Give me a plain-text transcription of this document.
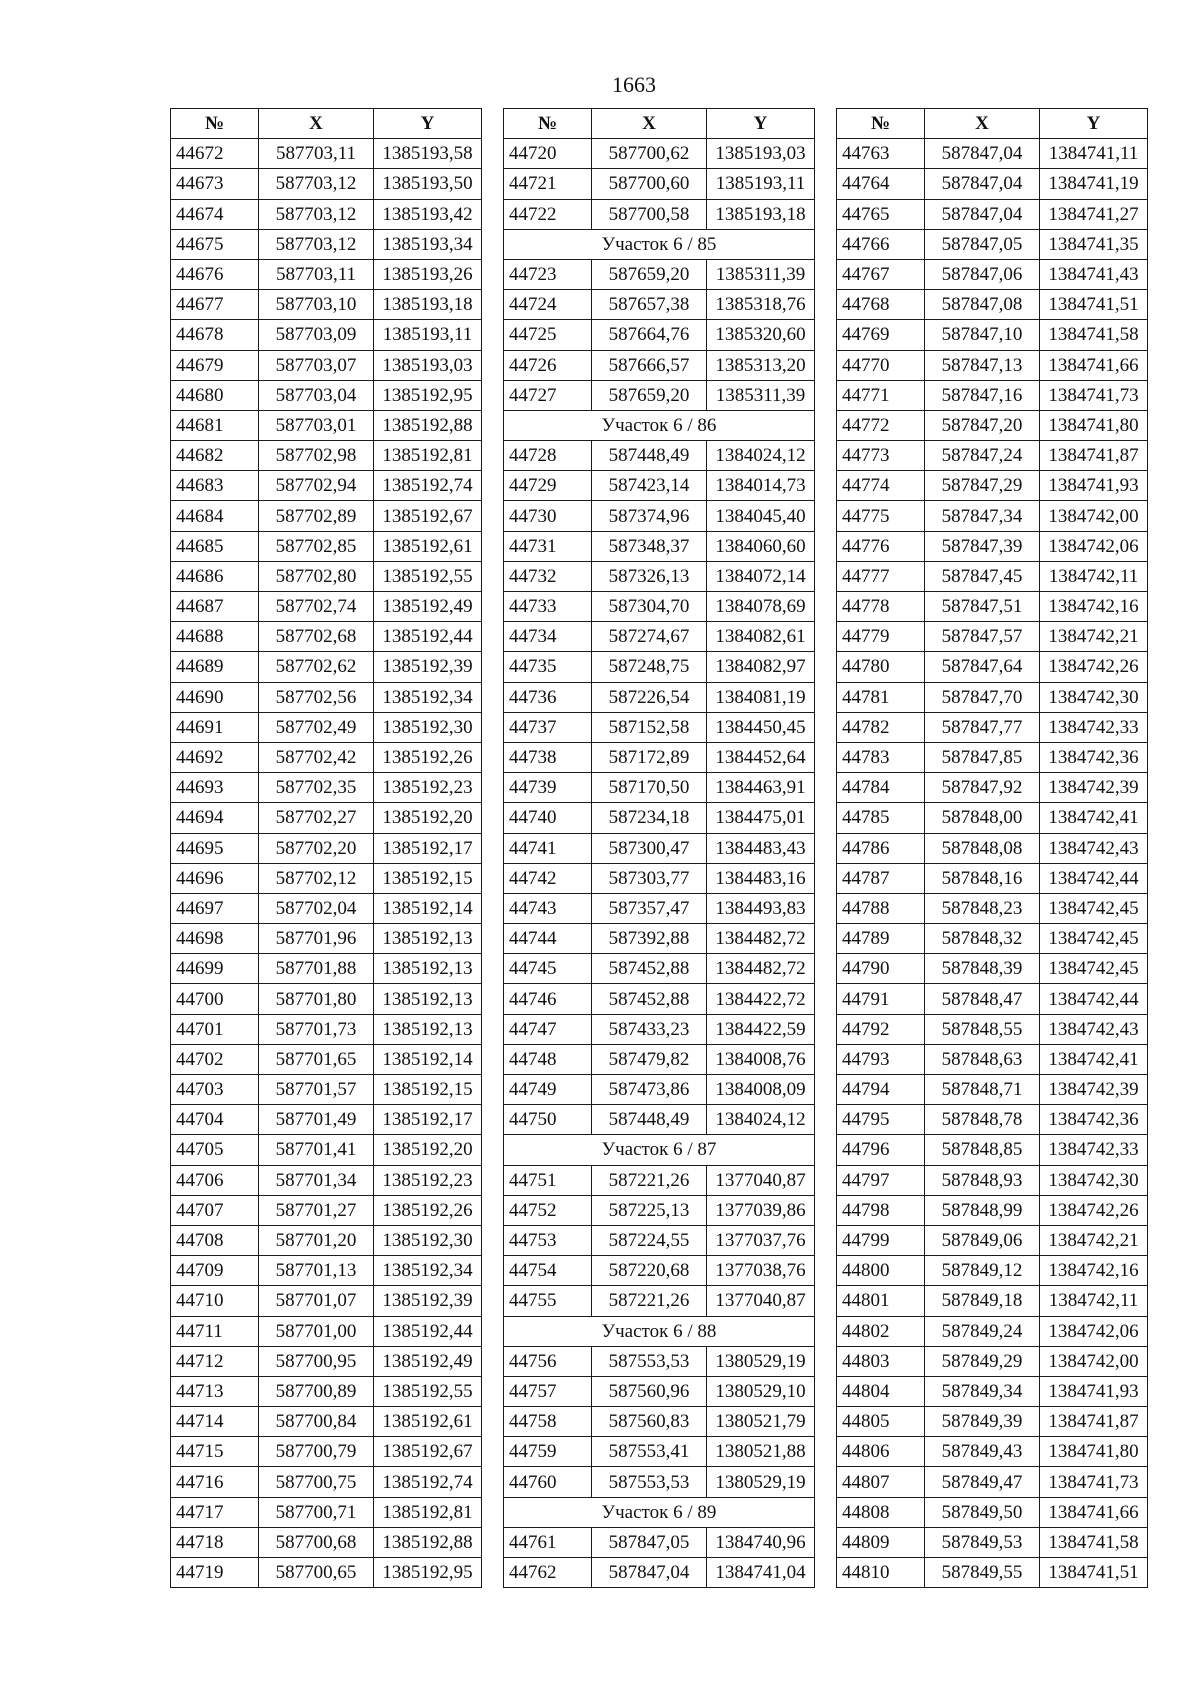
1663
№	X	Y
44672	587703,11	1385193,58
44673	587703,12	1385193,50
44674	587703,12	1385193,42
44675	587703,12	1385193,34
44676	587703,11	1385193,26
44677	587703,10	1385193,18
44678	587703,09	1385193,11
44679	587703,07	1385193,03
44680	587703,04	1385192,95
44681	587703,01	1385192,88
44682	587702,98	1385192,81
44683	587702,94	1385192,74
44684	587702,89	1385192,67
44685	587702,85	1385192,61
44686	587702,80	1385192,55
44687	587702,74	1385192,49
44688	587702,68	1385192,44
44689	587702,62	1385192,39
44690	587702,56	1385192,34
44691	587702,49	1385192,30
44692	587702,42	1385192,26
44693	587702,35	1385192,23
44694	587702,27	1385192,20
44695	587702,20	1385192,17
44696	587702,12	1385192,15
44697	587702,04	1385192,14
44698	587701,96	1385192,13
44699	587701,88	1385192,13
44700	587701,80	1385192,13
44701	587701,73	1385192,13
44702	587701,65	1385192,14
44703	587701,57	1385192,15
44704	587701,49	1385192,17
44705	587701,41	1385192,20
44706	587701,34	1385192,23
44707	587701,27	1385192,26
44708	587701,20	1385192,30
44709	587701,13	1385192,34
44710	587701,07	1385192,39
44711	587701,00	1385192,44
44712	587700,95	1385192,49
44713	587700,89	1385192,55
44714	587700,84	1385192,61
44715	587700,79	1385192,67
44716	587700,75	1385192,74
44717	587700,71	1385192,81
44718	587700,68	1385192,88
44719	587700,65	1385192,95
№	X	Y
44720	587700,62	1385193,03
44721	587700,60	1385193,11
44722	587700,58	1385193,18
Участок 6 / 85		
44723	587659,20	1385311,39
44724	587657,38	1385318,76
44725	587664,76	1385320,60
44726	587666,57	1385313,20
44727	587659,20	1385311,39
Участок 6 / 86		
44728	587448,49	1384024,12
44729	587423,14	1384014,73
44730	587374,96	1384045,40
44731	587348,37	1384060,60
44732	587326,13	1384072,14
44733	587304,70	1384078,69
44734	587274,67	1384082,61
44735	587248,75	1384082,97
44736	587226,54	1384081,19
44737	587152,58	1384450,45
44738	587172,89	1384452,64
44739	587170,50	1384463,91
44740	587234,18	1384475,01
44741	587300,47	1384483,43
44742	587303,77	1384483,16
44743	587357,47	1384493,83
44744	587392,88	1384482,72
44745	587452,88	1384482,72
44746	587452,88	1384422,72
44747	587433,23	1384422,59
44748	587479,82	1384008,76
44749	587473,86	1384008,09
44750	587448,49	1384024,12
Участок 6 / 87		
44751	587221,26	1377040,87
44752	587225,13	1377039,86
44753	587224,55	1377037,76
44754	587220,68	1377038,76
44755	587221,26	1377040,87
Участок 6 / 88		
44756	587553,53	1380529,19
44757	587560,96	1380529,10
44758	587560,83	1380521,79
44759	587553,41	1380521,88
44760	587553,53	1380529,19
Участок 6 / 89		
44761	587847,05	1384740,96
44762	587847,04	1384741,04
№	X	Y
44763	587847,04	1384741,11
44764	587847,04	1384741,19
44765	587847,04	1384741,27
44766	587847,05	1384741,35
44767	587847,06	1384741,43
44768	587847,08	1384741,51
44769	587847,10	1384741,58
44770	587847,13	1384741,66
44771	587847,16	1384741,73
44772	587847,20	1384741,80
44773	587847,24	1384741,87
44774	587847,29	1384741,93
44775	587847,34	1384742,00
44776	587847,39	1384742,06
44777	587847,45	1384742,11
44778	587847,51	1384742,16
44779	587847,57	1384742,21
44780	587847,64	1384742,26
44781	587847,70	1384742,30
44782	587847,77	1384742,33
44783	587847,85	1384742,36
44784	587847,92	1384742,39
44785	587848,00	1384742,41
44786	587848,08	1384742,43
44787	587848,16	1384742,44
44788	587848,23	1384742,45
44789	587848,32	1384742,45
44790	587848,39	1384742,45
44791	587848,47	1384742,44
44792	587848,55	1384742,43
44793	587848,63	1384742,41
44794	587848,71	1384742,39
44795	587848,78	1384742,36
44796	587848,85	1384742,33
44797	587848,93	1384742,30
44798	587848,99	1384742,26
44799	587849,06	1384742,21
44800	587849,12	1384742,16
44801	587849,18	1384742,11
44802	587849,24	1384742,06
44803	587849,29	1384742,00
44804	587849,34	1384741,93
44805	587849,39	1384741,87
44806	587849,43	1384741,80
44807	587849,47	1384741,73
44808	587849,50	1384741,66
44809	587849,53	1384741,58
44810	587849,55	1384741,51
